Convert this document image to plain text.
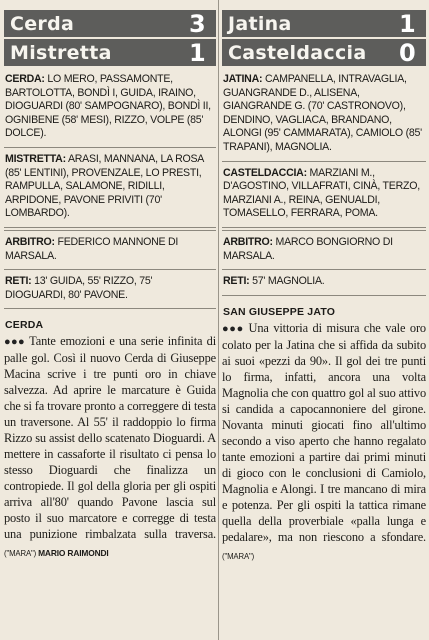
Cerda	3
Mistretta	1
CERDA: LO MERO, PASSAMONTE, BARTOLOTTA, BONDÌ I, GUIDA, IRAINO, DIOGUARDI (80' SAMPOGNARO), BONDÌ II, OGNIBENE (58' MESI), RIZZO, VOLPE (85' DOLCE).
MISTRETTA: ARASI, MANNANA, LA ROSA (85' LENTINI), PROVENZALE, LO PRESTI, RAMPULLA, SALAMONE, RIDILLI, ARPIDONE, PAVONE PRIVITI (70' LOMBARDO).
ARBITRO: FEDERICO MANNONE DI MARSALA.
RETI: 13' GUIDA, 55' RIZZO, 75' DIOGUARDI, 80' PAVONE.
CERDA
●●● Tante emozioni e una serie infinita di palle gol. Così il nuovo Cerda di Giuseppe Macina scrive i tre punti oro in chiave salvezza. Ad aprire le marcature è Guida che si fa trovare pronto a correggere di testa un traversone. Al 55' il raddoppio lo firma Rizzo su assist dello scatenato Dioguardi. A mettere in cassaforte il risultato ci pensa lo stesso Dioguardi che finalizza un contropiede. Il gol della gloria per gli ospiti arriva all'80' quando Pavone lascia sul posto il suo marcatore e corregge di testa una punizione rimbalzata sulla traversa. ("MARA") MARIO RAIMONDI
Jatina	1
Casteldaccia 0
JATINA: CAMPANELLA, INTRAVAGLIA, GUANGRANDE D., ALISENA, GIANGRANDE G. (70' CASTRONOVO), DENDINO, VAGLIACA, BRANDANO, ALONGI (95' CAMMARATA), CAMIOLO (85' TRAPANI), MAGNOLIA.
CASTELDACCIA: MARZIANI M., D'AGOSTINO, VILLAFRATI, CINÀ, TERZO, MARZIANI A., REINA, GENUALDI, TOMASELLO, FERRARA, POMA.
ARBITRO: MARCO BONGIORNO DI MARSALA.
RETI: 57' MAGNOLIA.
SAN GIUSEPPE JATO
●●● Una vittoria di misura che vale oro colato per la Jatina che si affida da subito ai suoi «pezzi da 90». Il gol dei tre punti lo firma, infatti, ancora una volta Magnolia che con quattro gol al suo attivo si candida a capocannoniere del girone. Novanta minuti giocati fino all'ultimo secondo a viso aperto che hanno regalato tante emozioni a partire dai primi minuti di gioco con le conclusioni di Camiolo, Magnolia e Alongi. I tre mancano di mira e potenza. Per gli ospiti la tattica rimane quella della proverbiale «palla lunga e pedalare», ma non riescono a sfondare. ("MARA")
